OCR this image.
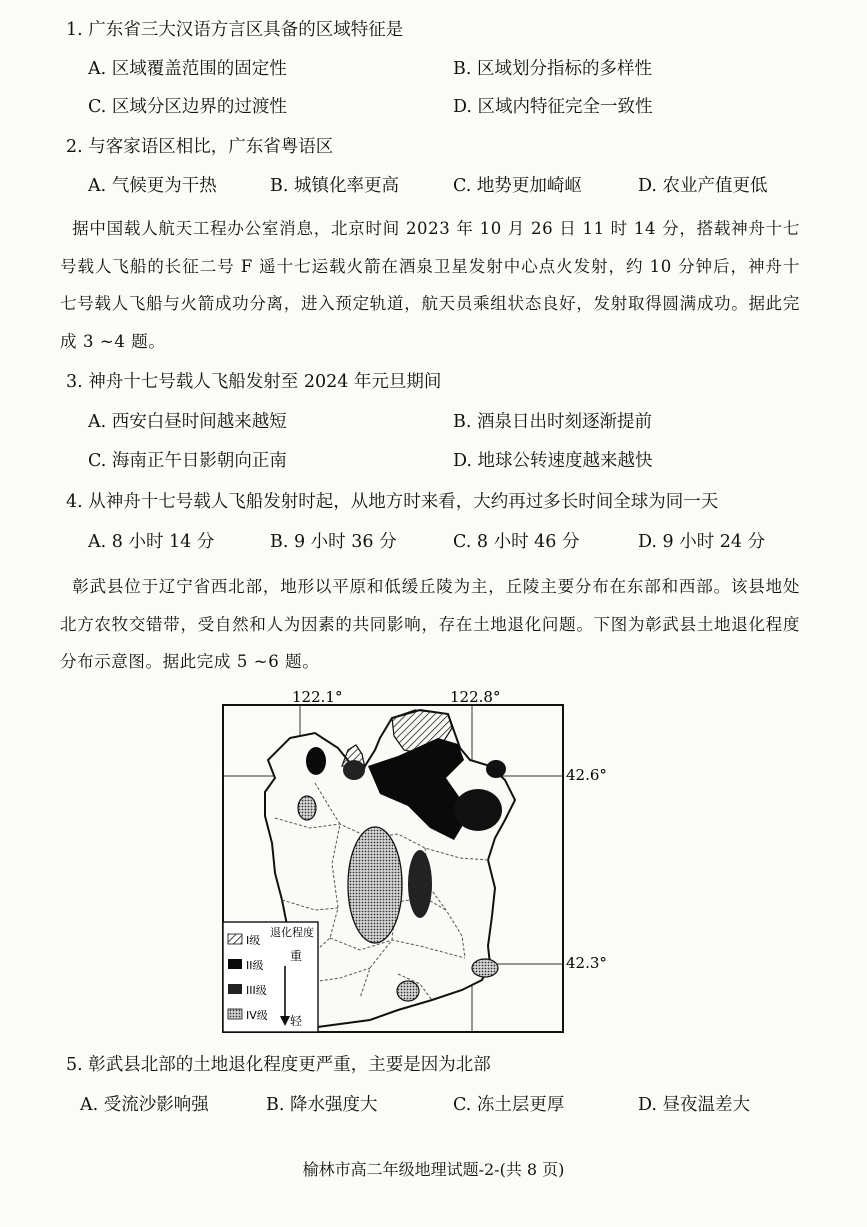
1. 广东省三大汉语方言区具备的区域特征是
A. 区域覆盖范围的固定性	B. 区域划分指标的多样性
C. 区域分区边界的过渡性	D. 区域内特征完全一致性
2. 与客家语区相比，广东省粤语区
A. 气候更为干热	B. 城镇化率更高	C. 地势更加崎岖	D. 农业产值更低
据中国载人航天工程办公室消息，北京时间 2023 年 10 月 26 日 11 时 14 分，搭载神舟十七号载人飞船的长征二号 F 遥十七运载火箭在酒泉卫星发射中心点火发射，约 10 分钟后，神舟十七号载人飞船与火箭成功分离，进入预定轨道，航天员乘组状态良好，发射取得圆满成功。据此完成 3 ~4 题。
3. 神舟十七号载人飞船发射至 2024 年元旦期间
A. 西安白昼时间越来越短	B. 酒泉日出时刻逐渐提前
C. 海南正午日影朝向正南	D. 地球公转速度越来越快
4. 从神舟十七号载人飞船发射时起，从地方时来看，大约再过多长时间全球为同一天
A. 8 小时 14 分	B. 9 小时 36 分	C. 8 小时 46 分	D. 9 小时 24 分
彰武县位于辽宁省西北部，地形以平原和低缓丘陵为主，丘陵主要分布在东部和西部。该县地处北方农牧交错带，受自然和人为因素的共同影响，存在土地退化问题。下图为彰武县土地退化程度分布示意图。据此完成 5 ~6 题。
122.1°	122.8°
42.6°
42.3°
退化程度
I级
II级
III级
IV级
重
轻
5. 彰武县北部的土地退化程度更严重，主要是因为北部
A. 受流沙影响强	B. 降水强度大	C. 冻土层更厚	D. 昼夜温差大
榆林市高二年级地理试题-2-(共 8 页)
